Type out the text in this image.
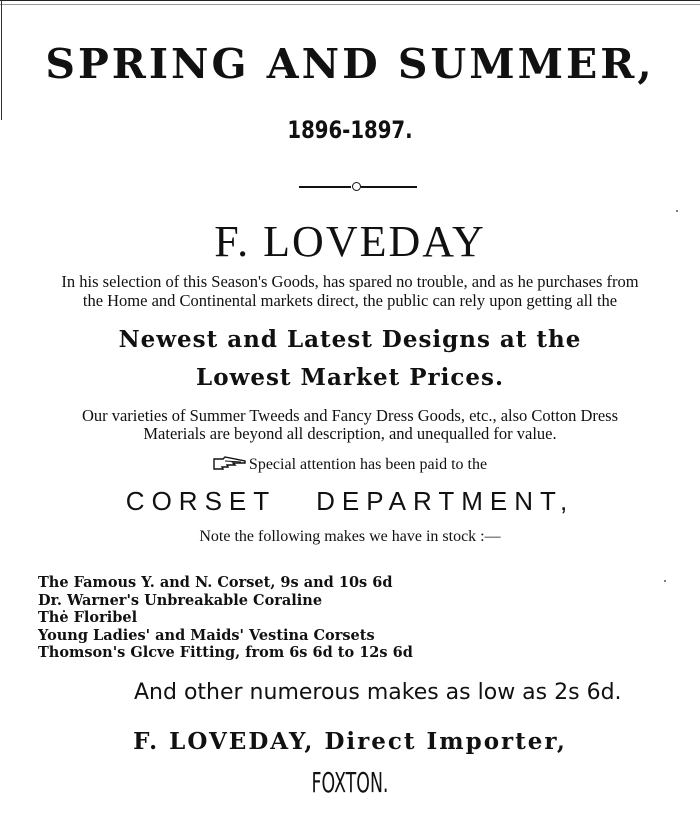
SPRING AND SUMMER,
1896-1897.
F. LOVEDAY
In his selection of this Season's Goods, has spared no trouble, and as he purchases from
the Home and Continental markets direct, the public can rely upon getting all the
Newest and Latest Designs at the
Lowest Market Prices.
Our varieties of Summer Tweeds and Fancy Dress Goods, etc., also Cotton Dress
Materials are beyond all description, and unequalled for value.
Special attention has been paid to the
CORSET DEPARTMENT,
Note the following makes we have in stock :—
The Famous Y. and N. Corset, 9s and 10s 6d
Dr. Warner's Unbreakable Coraline
Thė Floribel
Young Ladies' and Maids' Vestina Corsets
Thomson's Glcve Fitting, from 6s 6d to 12s 6d
And other numerous makes as low as 2s 6d.
F. LOVEDAY, Direct Importer,
FOXTON.
